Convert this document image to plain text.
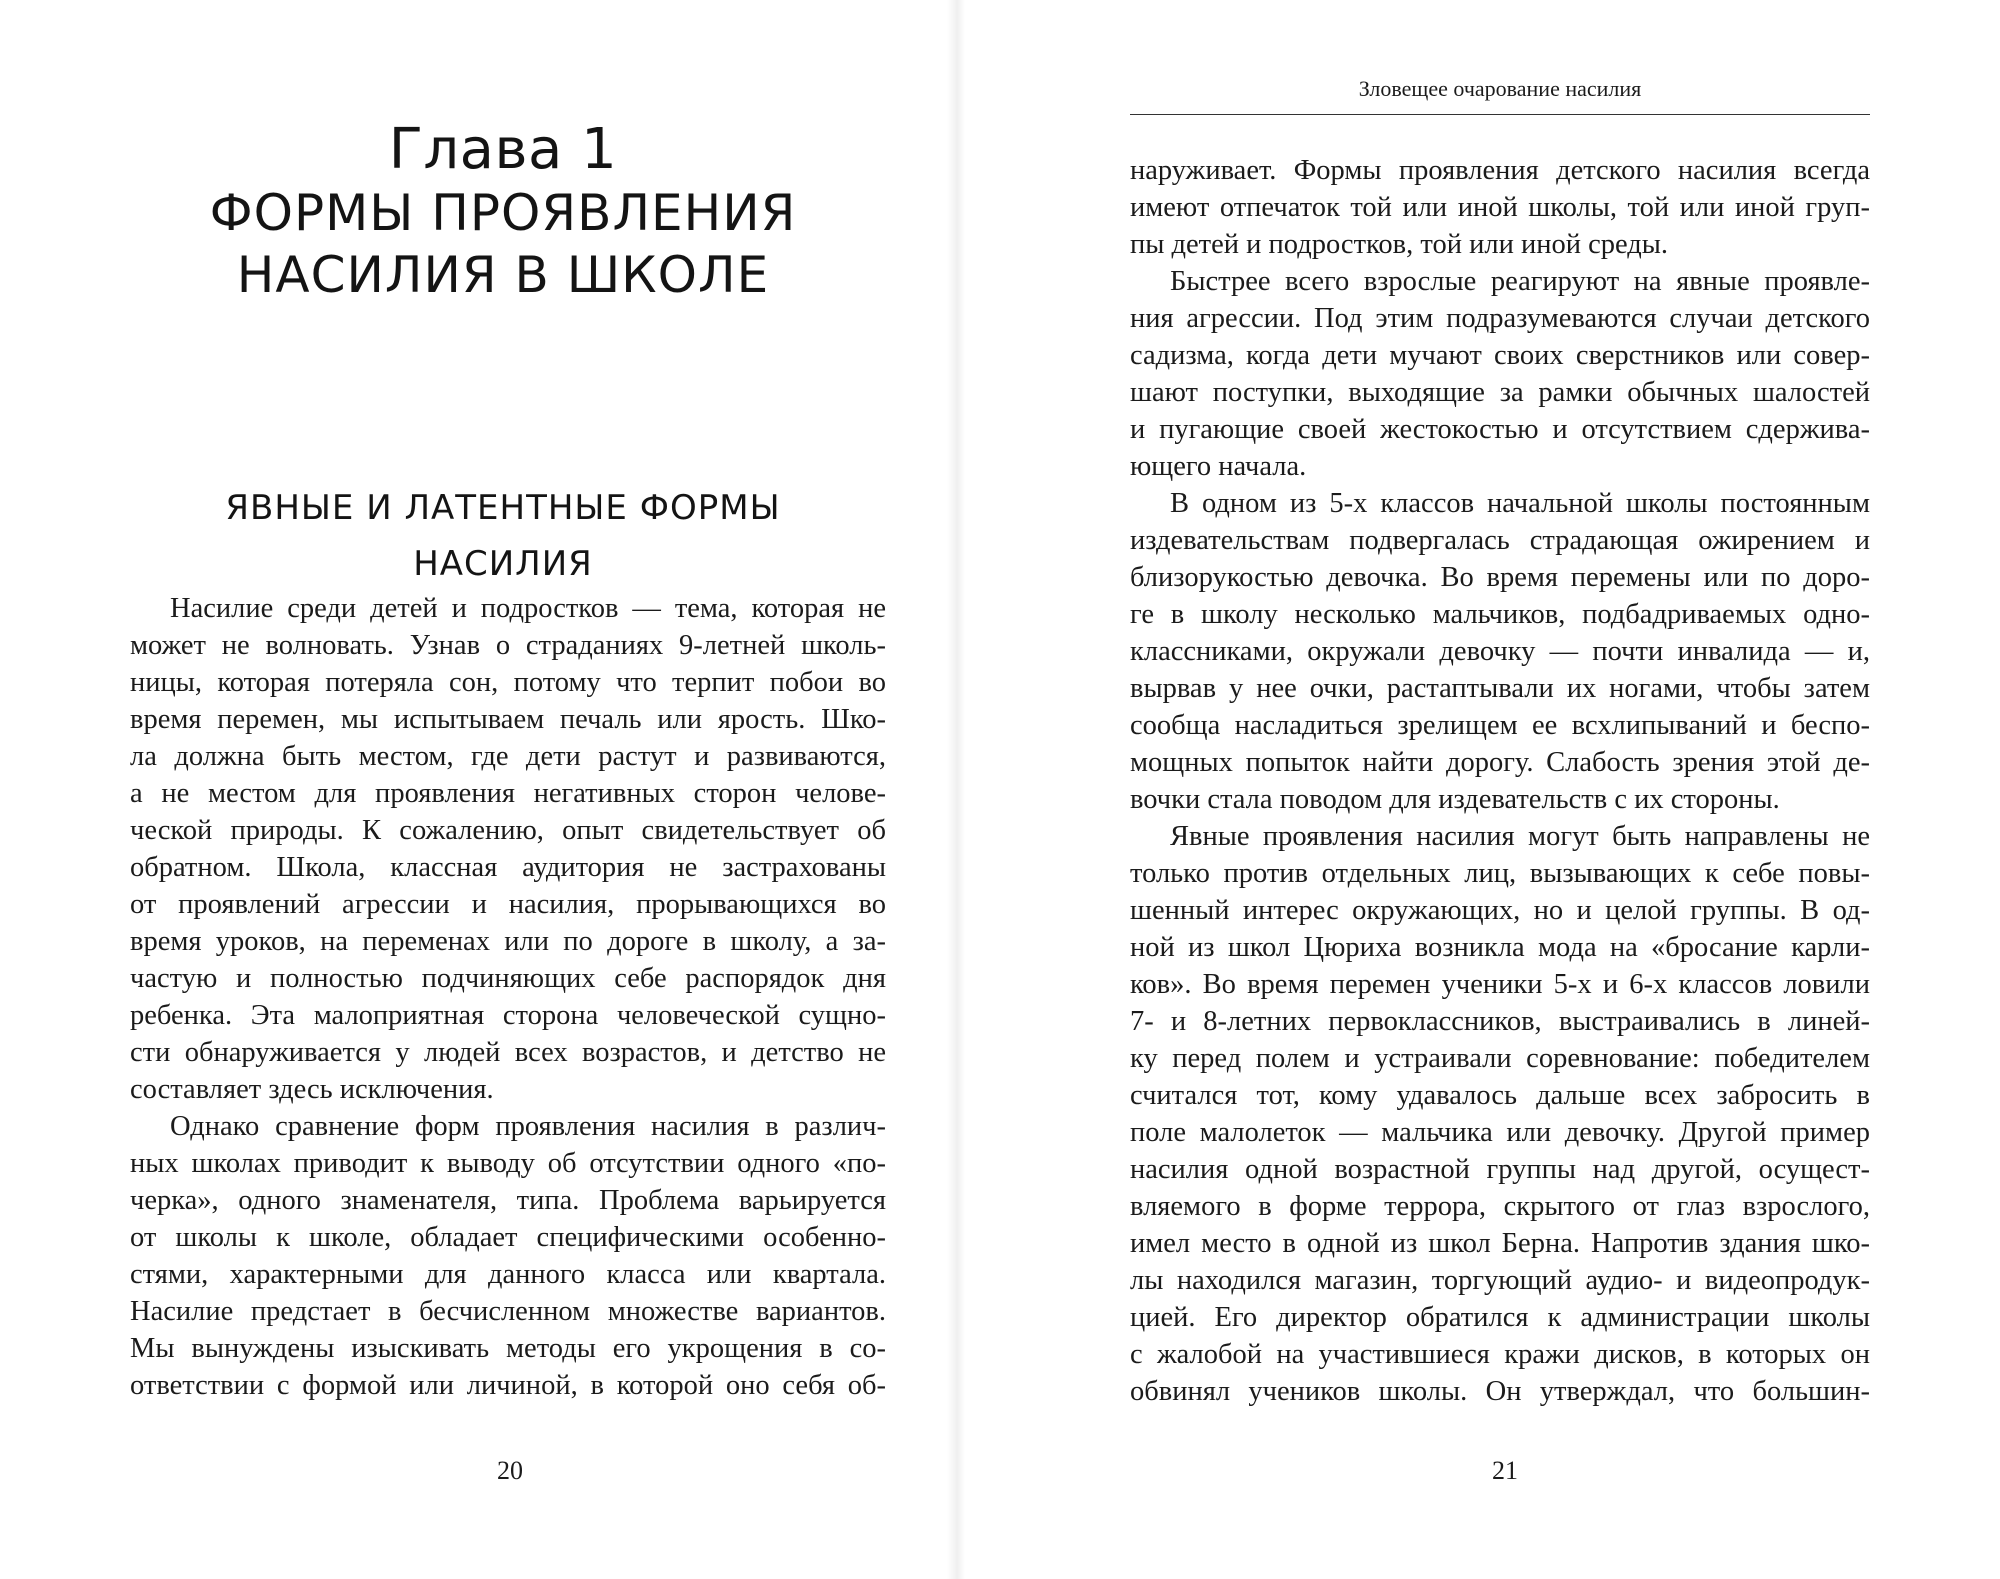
Глава 1
ФОРМЫ ПРОЯВЛЕНИЯ
НАСИЛИЯ В ШКОЛЕ
ЯВНЫЕ И ЛАТЕНТНЫЕ ФОРМЫ
НАСИЛИЯ
Насилие среди детей и подростков — тема, которая не
может не волновать. Узнав о страданиях 9-летней школь-
ницы, которая потеряла сон, потому что терпит побои во
время перемен, мы испытываем печаль или ярость. Шко-
ла должна быть местом, где дети растут и развиваются,
а не местом для проявления негативных сторон челове-
ческой природы. К сожалению, опыт свидетельствует об
обратном. Школа, классная аудитория не застрахованы
от проявлений агрессии и насилия, прорывающихся во
время уроков, на переменах или по дороге в школу, а за-
частую и полностью подчиняющих себе распорядок дня
ребенка. Эта малоприятная сторона человеческой сущно-
сти обнаруживается у людей всех возрастов, и детство не
составляет здесь исключения.
Однако сравнение форм проявления насилия в различ-
ных школах приводит к выводу об отсутствии одного «по-
черка», одного знаменателя, типа. Проблема варьируется
от школы к школе, обладает специфическими особенно-
стями, характерными для данного класса или квартала.
Насилие предстает в бесчисленном множестве вариантов.
Мы вынуждены изыскивать методы его укрощения в со-
ответствии с формой или личиной, в которой оно себя об-
20
Зловещее очарование насилия
наруживает. Формы проявления детского насилия всегда
имеют отпечаток той или иной школы, той или иной груп-
пы детей и подростков, той или иной среды.
Быстрее всего взрослые реагируют на явные проявле-
ния агрессии. Под этим подразумеваются случаи детского
садизма, когда дети мучают своих сверстников или совер-
шают поступки, выходящие за рамки обычных шалостей
и пугающие своей жестокостью и отсутствием сдержива-
ющего начала.
В одном из 5-х классов начальной школы постоянным
издевательствам подвергалась страдающая ожирением и
близорукостью девочка. Во время перемены или по доро-
ге в школу несколько мальчиков, подбадриваемых одно-
классниками, окружали девочку — почти инвалида — и,
вырвав у нее очки, растаптывали их ногами, чтобы затем
сообща насладиться зрелищем ее всхлипываний и беспо-
мощных попыток найти дорогу. Слабость зрения этой де-
вочки стала поводом для издевательств с их стороны.
Явные проявления насилия могут быть направлены не
только против отдельных лиц, вызывающих к себе повы-
шенный интерес окружающих, но и целой группы. В од-
ной из школ Цюриха возникла мода на «бросание карли-
ков». Во время перемен ученики 5-х и 6-х классов ловили
7- и 8-летних первоклассников, выстраивались в линей-
ку перед полем и устраивали соревнование: победителем
считался тот, кому удавалось дальше всех забросить в
поле малолеток — мальчика или девочку. Другой пример
насилия одной возрастной группы над другой, осущест-
вляемого в форме террора, скрытого от глаз взрослого,
имел место в одной из школ Берна. Напротив здания шко-
лы находился магазин, торгующий аудио- и видеопродук-
цией. Его директор обратился к администрации школы
с жалобой на участившиеся кражи дисков, в которых он
обвинял учеников школы. Он утверждал, что большин-
21
